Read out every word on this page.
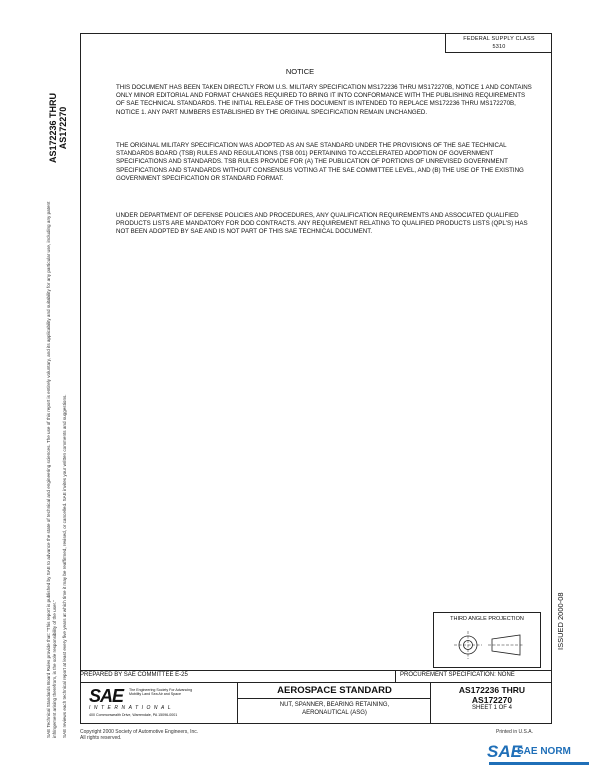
FEDERAL SUPPLY CLASS
5310
NOTICE

THIS DOCUMENT HAS BEEN TAKEN DIRECTLY FROM U.S. MILITARY SPECIFICATION MS172236 THRU MS172270B, NOTICE 1 AND CONTAINS ONLY MINOR EDITORIAL AND FORMAT CHANGES REQUIRED TO BRING IT INTO CONFORMANCE WITH THE PUBLISHING REQUIREMENTS OF SAE TECHNICAL STANDARDS. THE INITIAL RELEASE OF THIS DOCUMENT IS INTENDED TO REPLACE MS172236 THRU MS172270B, NOTICE 1. ANY PART NUMBERS ESTABLISHED BY THE ORIGINAL SPECIFICATION REMAIN UNCHANGED.

THE ORIGINAL MILITARY SPECIFICATION WAS ADOPTED AS AN SAE STANDARD UNDER THE PROVISIONS OF THE SAE TECHNICAL STANDARDS BOARD (TSB) RULES AND REGULATIONS (TSB 001) PERTAINING TO ACCELERATED ADOPTION OF GOVERNMENT SPECIFICATIONS AND STANDARDS. TSB RULES PROVIDE FOR (A) THE PUBLICATION OF PORTIONS OF UNREVISED GOVERNMENT SPECIFICATIONS AND STANDARDS WITHOUT CONSENSUS VOTING AT THE SAE COMMITTEE LEVEL, AND (B) THE USE OF THE EXISTING GOVERNMENT SPECIFICATION OR STANDARD FORMAT.

UNDER DEPARTMENT OF DEFENSE POLICIES AND PROCEDURES, ANY QUALIFICATION REQUIREMENTS AND ASSOCIATED QUALIFIED PRODUCTS LISTS ARE MANDATORY FOR DOD CONTRACTS. ANY REQUIREMENT RELATING TO QUALIFIED PRODUCTS LISTS (QPL'S) HAS NOT BEEN ADOPTED BY SAE AND IS NOT PART OF THIS SAE TECHNICAL DOCUMENT.

AS172236 THRU AS172270
SAE Technical Standards Board Rules provide that: "This report is published by SAE to advance the state of technical and engineering sciences. The use of this report is entirely voluntary, and its applicability and suitability for any particular use, including any patent infringement arising therefrom, is the sole responsibility of the user." SAE reviews each technical report at least every five years at which time it may be reaffirmed, revised, or cancelled. SAE invites your written comments and suggestions.	ISSUED 2000-08
THIRD ANGLE PROJECTION
PREPARED BY SAE COMMITTEE E-25	PROCUREMENT SPECIFICATION: NONE
SAE The Engineering Society For Advancing Mobility Land Sea Air and Space
INTERNATIONAL
400 Commonwealth Drive, Warrendale, PA 15096-0001
AEROSPACE STANDARD
NUT, SPANNER, BEARING RETAINING,
AERONAUTICAL (ASG)
AS172236 THRU
AS172270
SHEET 1 OF 4
Copyright 2000 Society of Automotive Engineers, Inc.
All rights reserved.
Printed in U.S.A.
SAE
SAE NORM
